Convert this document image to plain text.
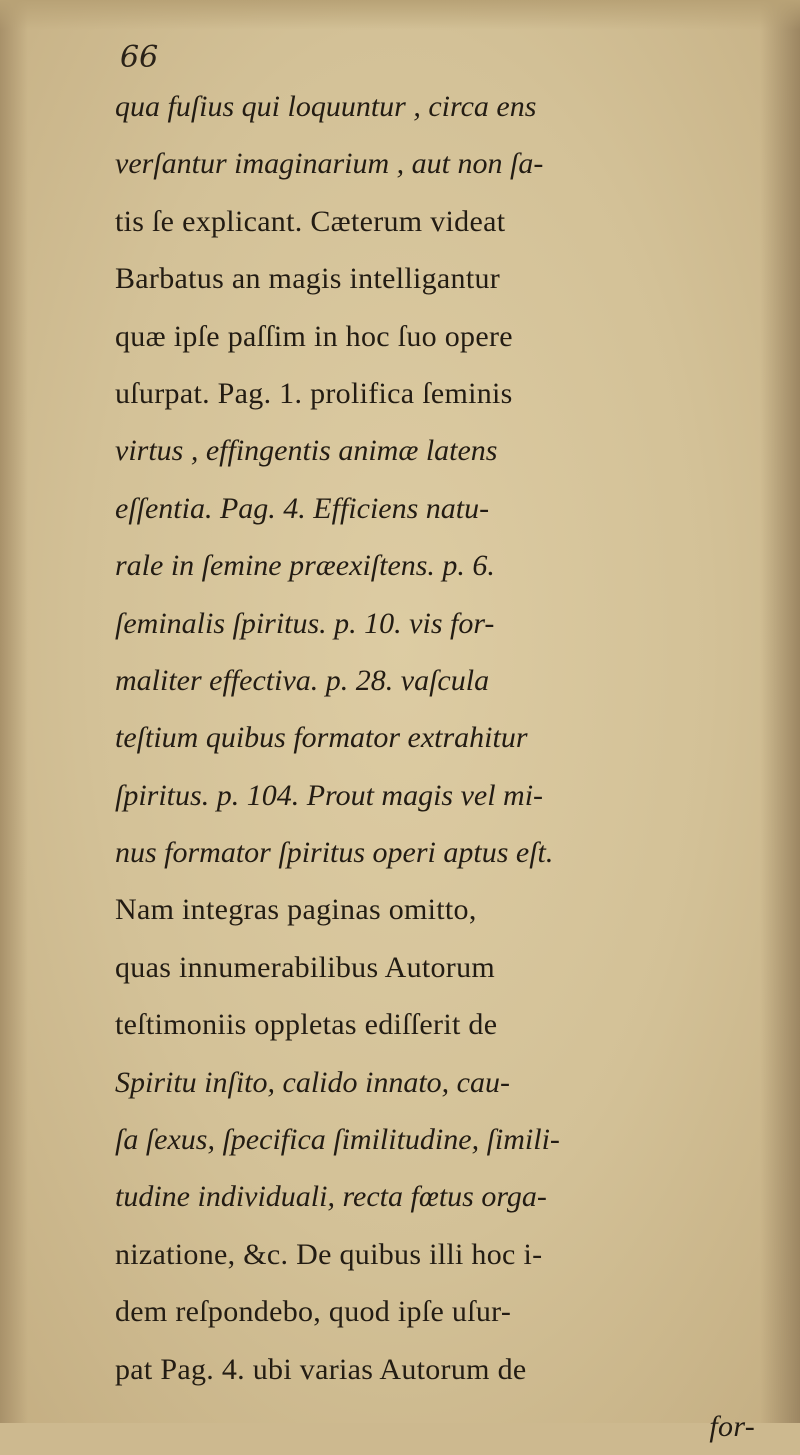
66

qua fuſius qui loquuntur , circa ens
verſantur imaginarium , aut non ſa-
tis ſe explicant. Cæterum videat
Barbatus an magis intelligantur
quæ ipſe paſſim in hoc ſuo opere
uſurpat. Pag. 1. prolifica ſeminis
virtus , effingentis animæ latens
eſſentia. Pag. 4. Efficiens natu-
rale in ſemine præexiſtens. p. 6.
ſeminalis ſpiritus. p. 10. vis for-
maliter effectiva. p. 28. vaſcula
teſtium quibus formator extrahitur
ſpiritus. p. 104. Prout magis vel mi-
nus formator ſpiritus operi aptus eſt.
Nam integras paginas omitto,
quas innumerabilibus Autorum
teſtimoniis oppletas ediſſerit de
Spiritu inſito, calido innato, cau-
ſa ſexus, ſpecifica ſimilitudine, ſimili-
tudine individuali, recta fœtus orga-
nizatione, &c. De quibus illi hoc i-
dem reſpondebo, quod ipſe uſur-
pat Pag. 4. ubi varias Autorum de
for-
